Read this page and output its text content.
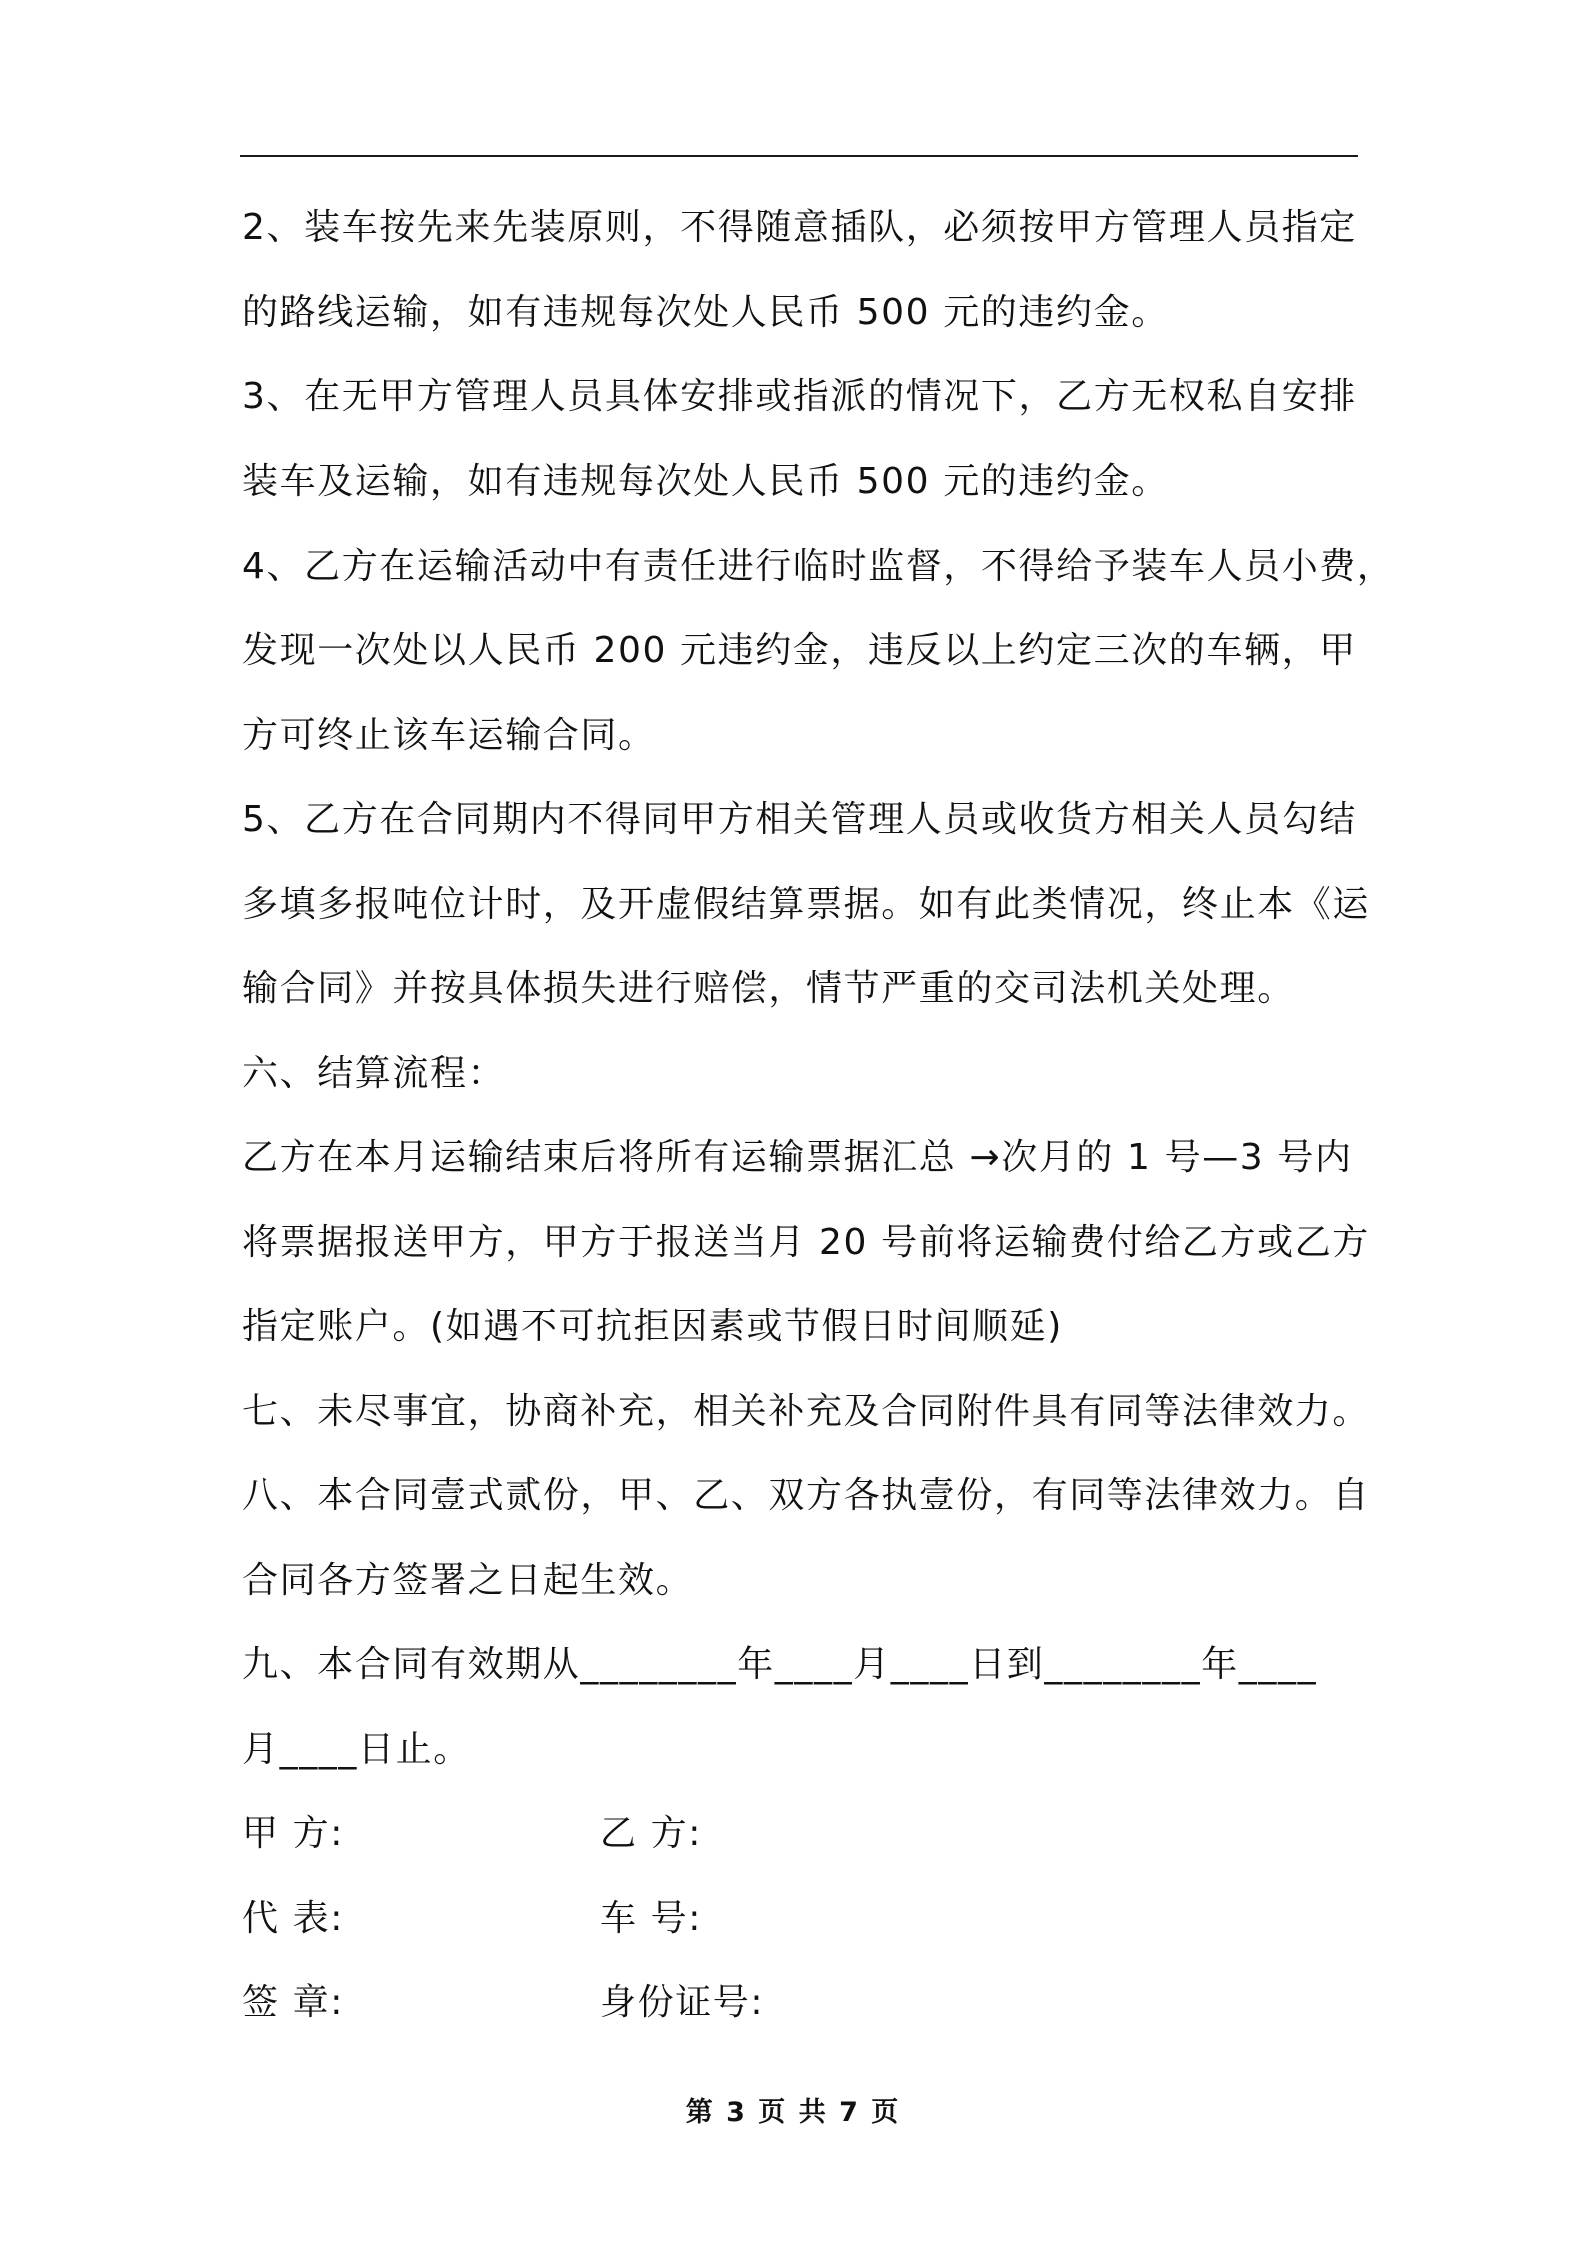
2、装车按先来先装原则，不得随意插队，必须按甲方管理人员指定
的路线运输，如有违规每次处人民币 500 元的违约金。
3、在无甲方管理人员具体安排或指派的情况下，乙方无权私自安排
装车及运输，如有违规每次处人民币 500 元的违约金。
4、乙方在运输活动中有责任进行临时监督，不得给予装车人员小费，
发现一次处以人民币 200 元违约金，违反以上约定三次的车辆，甲
方可终止该车运输合同。
5、乙方在合同期内不得同甲方相关管理人员或收货方相关人员勾结
多填多报吨位计时，及开虚假结算票据。如有此类情况，终止本《运
输合同》并按具体损失进行赔偿，情节严重的交司法机关处理。
六、结算流程：
乙方在本月运输结束后将所有运输票据汇总 →次月的 1 号—3 号内
将票据报送甲方，甲方于报送当月 20 号前将运输费付给乙方或乙方
指定账户。(如遇不可抗拒因素或节假日时间顺延)
七、未尽事宜，协商补充，相关补充及合同附件具有同等法律效力。
八、本合同壹式贰份，甲、乙、双方各执壹份，有同等法律效力。自
合同各方签署之日起生效。
九、本合同有效期从________年____月____日到________年____
月____日止。
甲 方:	乙 方:
代 表:	车 号:
签 章:	身份证号:
第 3 页 共 7 页
